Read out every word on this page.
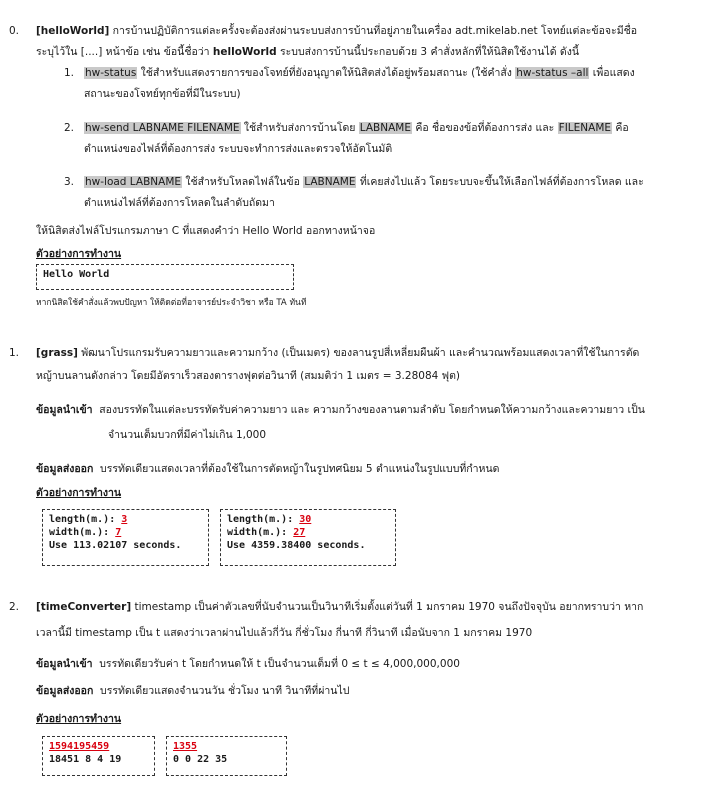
0. [helloWorld] การบ้านปฏิบัติการแต่ละครั้งจะต้องส่งผ่านระบบส่งการบ้านที่อยู่ภายในเครื่อง adt.mikelab.net โจทย์แต่ละข้อจะมีชื่อ
ระบุไว้ใน [....] หน้าข้อ เช่น ข้อนี้ชื่อว่า helloWorld ระบบส่งการบ้านนี้ประกอบด้วย 3 คำสั่งหลักที่ให้นิสิตใช้งานได้ ดังนี้
1. hw-status ใช้สำหรับแสดงรายการของโจทย์ที่ยังอนุญาตให้นิสิตส่งได้อยู่พร้อมสถานะ (ใช้คำสั่ง hw-status –all เพื่อแสดง
สถานะของโจทย์ทุกข้อที่มีในระบบ)
2. hw-send LABNAME FILENAME ใช้สำหรับส่งการบ้านโดย LABNAME คือ ชื่อของข้อที่ต้องการส่ง และ FILENAME คือ
ตำแหน่งของไฟล์ที่ต้องการส่ง ระบบจะทำการส่งและตรวจให้อัตโนมัติ
3. hw-load LABNAME ใช้สำหรับโหลดไฟล์ในข้อ LABNAME ที่เคยส่งไปแล้ว โดยระบบจะขึ้นให้เลือกไฟล์ที่ต้องการโหลด และ
ตำแหน่งไฟล์ที่ต้องการโหลดในลำดับถัดมา
ให้นิสิตส่งไฟล์โปรแกรมภาษา C ที่แสดงคำว่า Hello World ออกทางหน้าจอ
ตัวอย่างการทำงาน
Hello World
หากนิสิตใช้คำสั่งแล้วพบปัญหา ให้ติดต่อที่อาจารย์ประจำวิชา หรือ TA ทันที
1. [grass] พัฒนาโปรแกรมรับความยาวและความกว้าง (เป็นเมตร) ของลานรูปสี่เหลี่ยมผืนผ้า และคำนวณพร้อมแสดงเวลาที่ใช้ในการตัด
หญ้าบนลานดังกล่าว โดยมีอัตราเร็วสองตารางฟุตต่อวินาที (สมมติว่า 1 เมตร = 3.28084 ฟุต)
ข้อมูลนำเข้า สองบรรทัดในแต่ละบรรทัดรับค่าความยาว และ ความกว้างของลานตามลำดับ โดยกำหนดให้ความกว้างและความยาว เป็น
จำนวนเต็มบวกที่มีค่าไม่เกิน 1,000
ข้อมูลส่งออก บรรทัดเดียวแสดงเวลาที่ต้องใช้ในการตัดหญ้าในรูปทศนิยม 5 ตำแหน่งในรูปแบบที่กำหนด
ตัวอย่างการทำงาน
length(m.): 3
width(m.): 7
Use 113.02107 seconds.
length(m.): 30
width(m.): 27
Use 4359.38400 seconds.
2. [timeConverter] timestamp เป็นค่าตัวเลขที่นับจำนวนเป็นวินาทีเริ่มตั้งแต่วันที่ 1 มกราคม 1970 จนถึงปัจจุบัน อยากทราบว่า หาก
เวลานี้มี timestamp เป็น t แสดงว่าเวลาผ่านไปแล้วกี่วัน กี่ชั่วโมง กี่นาที กี่วินาที เมื่อนับจาก 1 มกราคม 1970
ข้อมูลนำเข้า บรรทัดเดียวรับค่า t โดยกำหนดให้ t เป็นจำนวนเต็มที่ 0 ≤ t ≤ 4,000,000,000
ข้อมูลส่งออก บรรทัดเดียวแสดงจำนวนวัน ชั่วโมง นาที วินาทีที่ผ่านไป
ตัวอย่างการทำงาน
1594195459
18451 8 4 19
1355
0 0 22 35
